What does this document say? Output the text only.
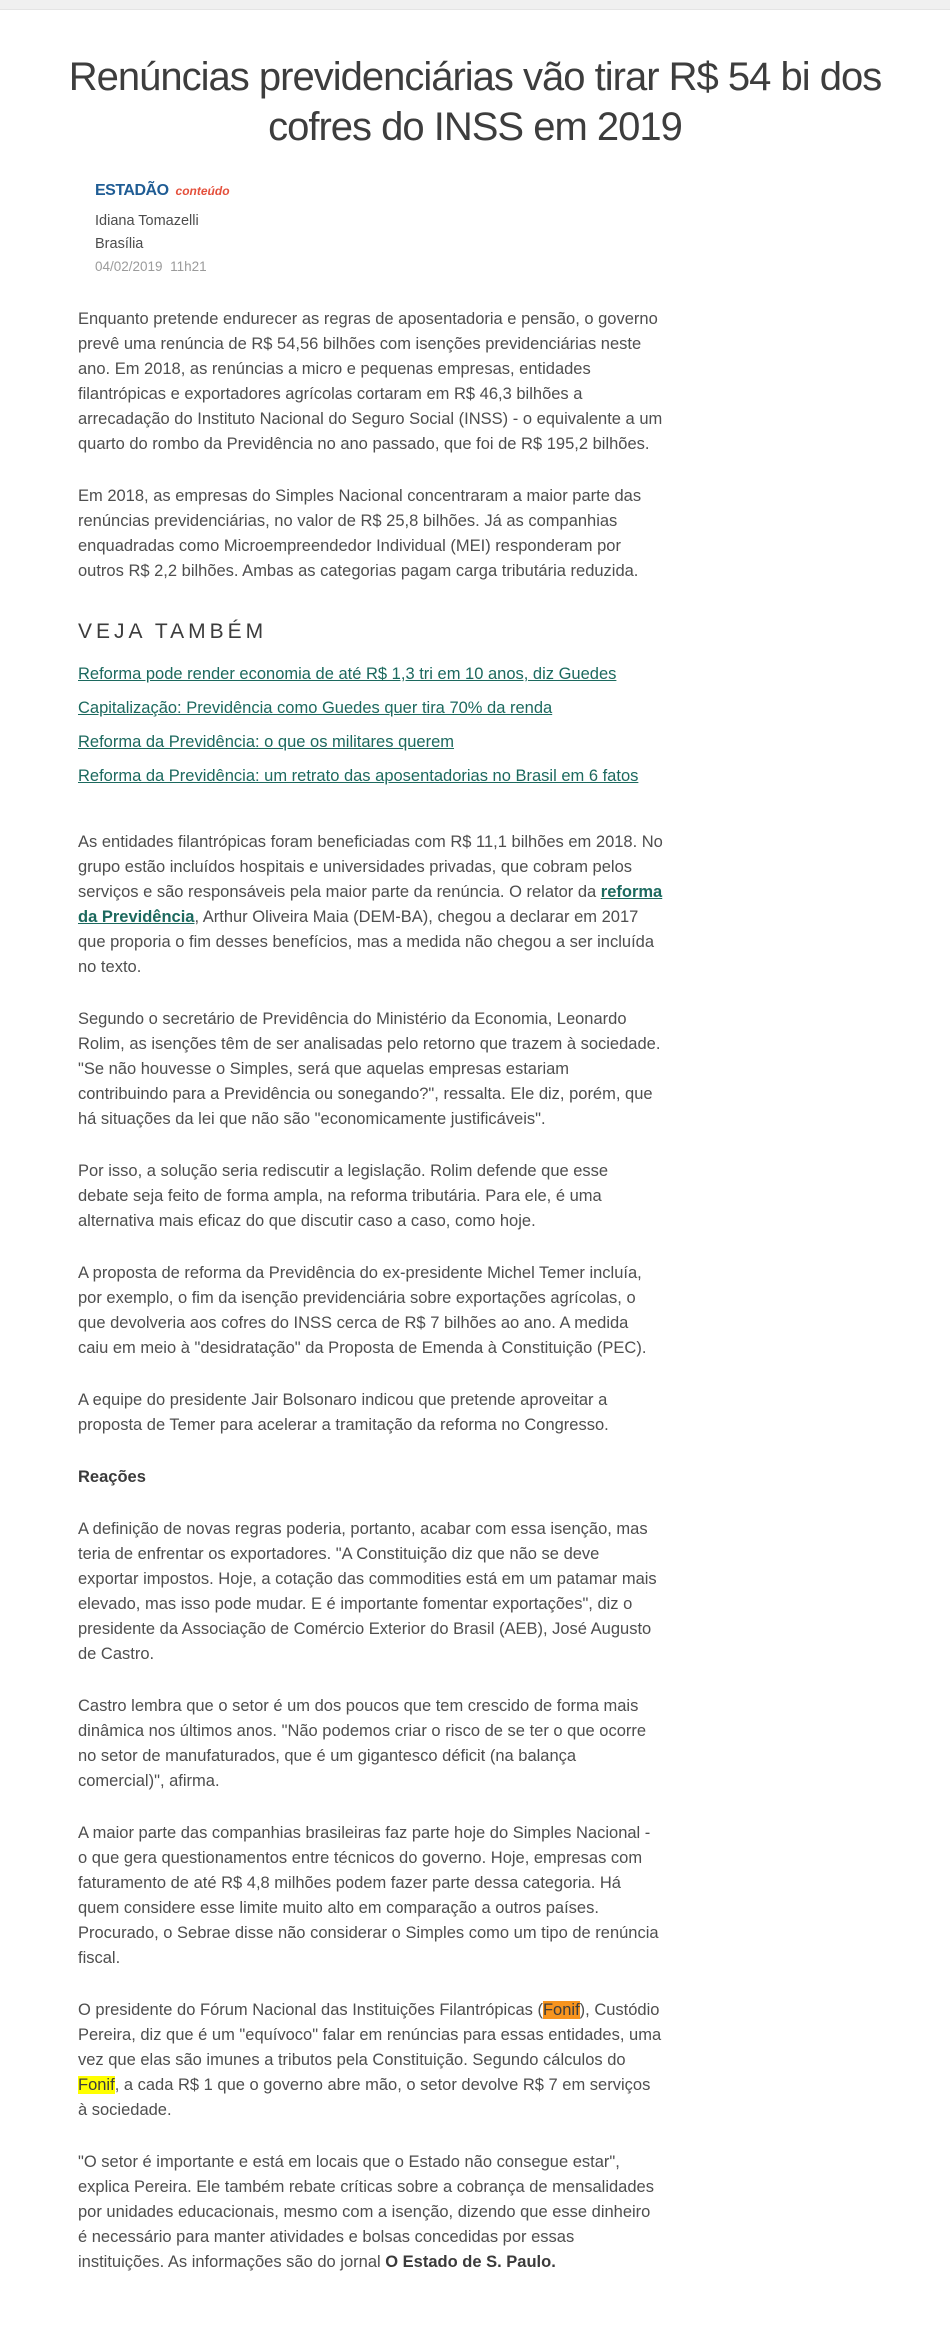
Renúncias previdenciárias vão tirar R$ 54 bi dos
cofres do INSS em 2019
ESTADÃO conteúdo
Idiana Tomazelli
Brasília
04/02/2019  11h21

Enquanto pretende endurecer as regras de aposentadoria e pensão, o governo prevê uma renúncia de R$ 54,56 bilhões com isenções previdenciárias neste ano. Em 2018, as renúncias a micro e pequenas empresas, entidades filantrópicas e exportadores agrícolas cortaram em R$ 46,3 bilhões a arrecadação do Instituto Nacional do Seguro Social (INSS) - o equivalente a um quarto do rombo da Previdência no ano passado, que foi de R$ 195,2 bilhões.

Em 2018, as empresas do Simples Nacional concentraram a maior parte das renúncias previdenciárias, no valor de R$ 25,8 bilhões. Já as companhias enquadradas como Microempreendedor Individual (MEI) responderam por outros R$ 2,2 bilhões. Ambas as categorias pagam carga tributária reduzida.

VEJA TAMBÉM
Reforma pode render economia de até R$ 1,3 tri em 10 anos, diz Guedes
Capitalização: Previdência como Guedes quer tira 70% da renda
Reforma da Previdência: o que os militares querem
Reforma da Previdência: um retrato das aposentadorias no Brasil em 6 fatos

As entidades filantrópicas foram beneficiadas com R$ 11,1 bilhões em 2018. No grupo estão incluídos hospitais e universidades privadas, que cobram pelos serviços e são responsáveis pela maior parte da renúncia. O relator da reforma da Previdência, Arthur Oliveira Maia (DEM-BA), chegou a declarar em 2017 que proporia o fim desses benefícios, mas a medida não chegou a ser incluída no texto.

Segundo o secretário de Previdência do Ministério da Economia, Leonardo Rolim, as isenções têm de ser analisadas pelo retorno que trazem à sociedade. "Se não houvesse o Simples, será que aquelas empresas estariam contribuindo para a Previdência ou sonegando?", ressalta. Ele diz, porém, que há situações da lei que não são "economicamente justificáveis".

Por isso, a solução seria rediscutir a legislação. Rolim defende que esse debate seja feito de forma ampla, na reforma tributária. Para ele, é uma alternativa mais eficaz do que discutir caso a caso, como hoje.

A proposta de reforma da Previdência do ex-presidente Michel Temer incluía, por exemplo, o fim da isenção previdenciária sobre exportações agrícolas, o que devolveria aos cofres do INSS cerca de R$ 7 bilhões ao ano. A medida caiu em meio à "desidratação" da Proposta de Emenda à Constituição (PEC).

A equipe do presidente Jair Bolsonaro indicou que pretende aproveitar a proposta de Temer para acelerar a tramitação da reforma no Congresso.

Reações

A definição de novas regras poderia, portanto, acabar com essa isenção, mas teria de enfrentar os exportadores. "A Constituição diz que não se deve exportar impostos. Hoje, a cotação das commodities está em um patamar mais elevado, mas isso pode mudar. E é importante fomentar exportações", diz o presidente da Associação de Comércio Exterior do Brasil (AEB), José Augusto de Castro.

Castro lembra que o setor é um dos poucos que tem crescido de forma mais dinâmica nos últimos anos. "Não podemos criar o risco de se ter o que ocorre no setor de manufaturados, que é um gigantesco déficit (na balança comercial)", afirma.

A maior parte das companhias brasileiras faz parte hoje do Simples Nacional - o que gera questionamentos entre técnicos do governo. Hoje, empresas com faturamento de até R$ 4,8 milhões podem fazer parte dessa categoria. Há quem considere esse limite muito alto em comparação a outros países. Procurado, o Sebrae disse não considerar o Simples como um tipo de renúncia fiscal.

O presidente do Fórum Nacional das Instituições Filantrópicas (Fonif), Custódio Pereira, diz que é um "equívoco" falar em renúncias para essas entidades, uma vez que elas são imunes a tributos pela Constituição. Segundo cálculos do Fonif, a cada R$ 1 que o governo abre mão, o setor devolve R$ 7 em serviços à sociedade.

"O setor é importante e está em locais que o Estado não consegue estar", explica Pereira. Ele também rebate críticas sobre a cobrança de mensalidades por unidades educacionais, mesmo com a isenção, dizendo que esse dinheiro é necessário para manter atividades e bolsas concedidas por essas instituições. As informações são do jornal O Estado de S. Paulo.
